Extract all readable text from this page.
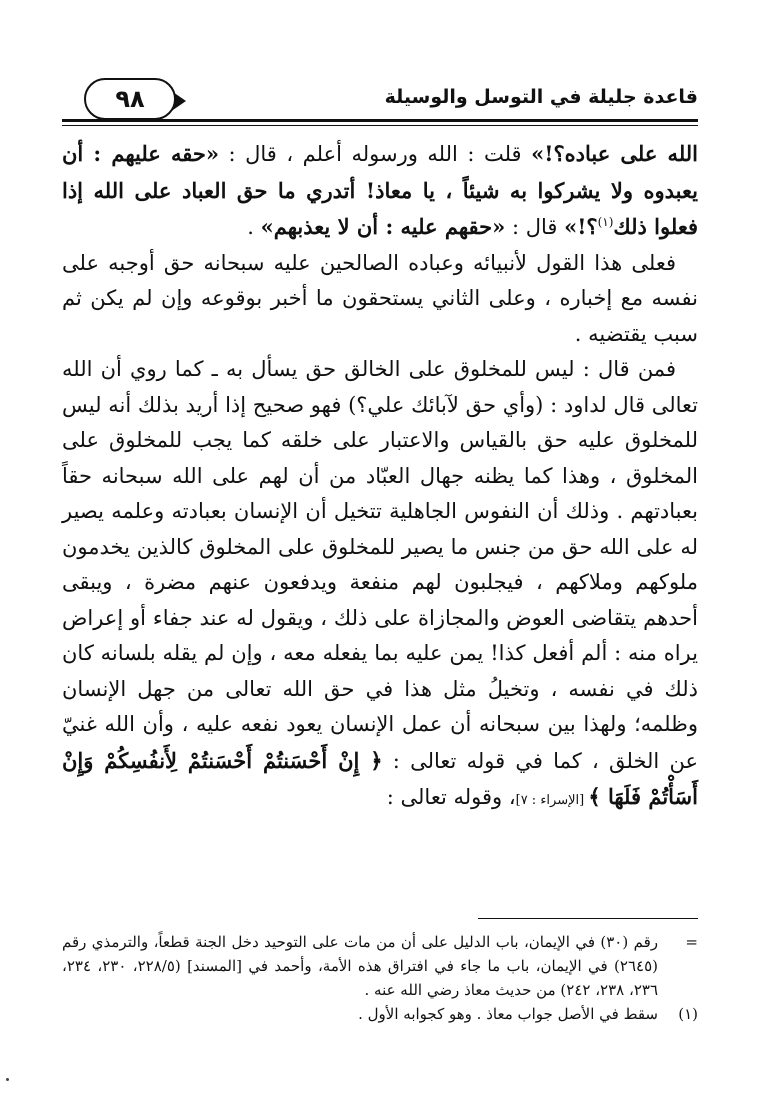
قاعدة جليلة في التوسل والوسيلة
٩٨

الله على عباده؟!» قلت : الله ورسوله أعلم ، قال : «حقه عليهم : أن يعبدوه ولا يشركوا به شيئاً ، يا معاذ! أتدري ما حق العباد على الله إذا فعلوا ذلك$^{(١)}$؟!» قال : «حقهم عليه : أن لا يعذبهم» .

فعلى هذا القول لأنبيائه وعباده الصالحين عليه سبحانه حق أوجبه على نفسه مع إخباره ، وعلى الثاني يستحقون ما أخبر بوقوعه وإن لم يكن ثم سبب يقتضيه .

فمن قال : ليس للمخلوق على الخالق حق يسأل به ـ كما روي أن الله تعالى قال لداود : (وأي حق لآبائك علي؟) فهو صحيح إذا أريد بذلك أنه ليس للمخلوق عليه حق بالقياس والاعتبار على خلقه كما يجب للمخلوق على المخلوق ، وهذا كما يظنه جهال العبّاد من أن لهم على الله سبحانه حقاً بعبادتهم . وذلك أن النفوس الجاهلية تتخيل أن الإنسان بعبادته وعلمه يصير له على الله حق من جنس ما يصير للمخلوق على المخلوق كالذين يخدمون ملوكهم وملاكهم ، فيجلبون لهم منفعة ويدفعون عنهم مضرة ، ويبقى أحدهم يتقاضى العوض والمجازاة على ذلك ، ويقول له عند جفاء أو إعراض يراه منه : ألم أفعل كذا! يمن عليه بما يفعله معه ، وإن لم يقله بلسانه كان ذلك في نفسه ، وتخيلُ مثل هذا في حق الله تعالى من جهل الإنسان وظلمه؛ ولهذا بين سبحانه أن عمل الإنسان يعود نفعه عليه ، وأن الله غنيّ عن الخلق ، كما في قوله تعالى : ﴿ إِنْ أَحْسَنتُمْ أَحْسَنتُمْ لِأَنفُسِكُمْ وَإِنْ أَسَأْتُمْ فَلَهَا ﴾ [الإسراء : ٧]، وقوله تعالى :

=
رقم (٣٠) في الإيمان، باب الدليل على أن من مات على التوحيد دخل الجنة قطعاً، والترمذي رقم (٢٦٤٥) في الإيمان، باب ما جاء في افتراق هذه الأمة، وأحمد في [المسند] (٢٢٨/٥، ٢٣٠، ٢٣٤، ٢٣٦، ٢٣٨، ٢٤٢) من حديث معاذ رضي الله عنه .
(١)
سقط في الأصل جواب معاذ . وهو كجوابه الأول .
